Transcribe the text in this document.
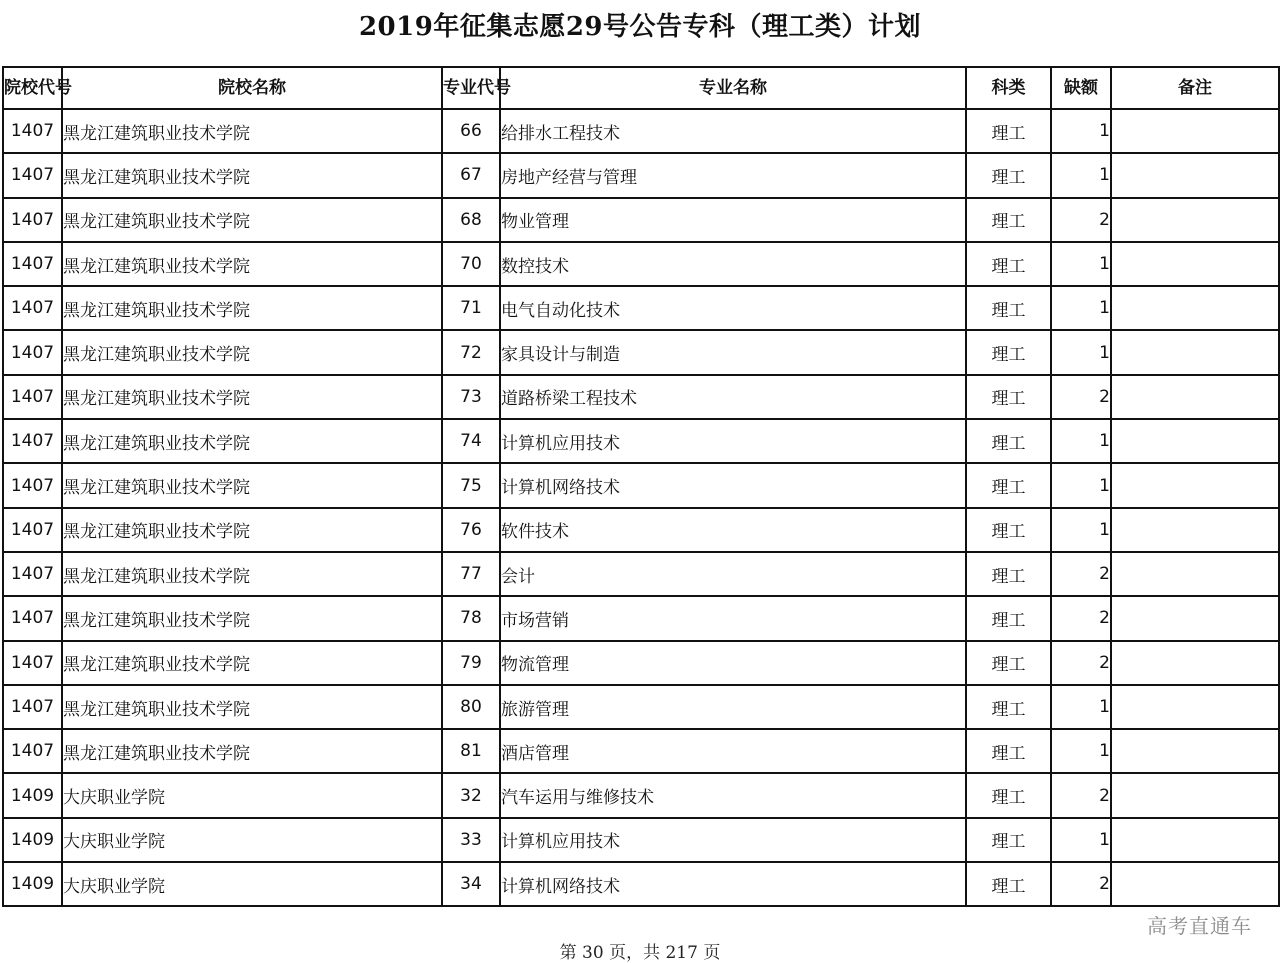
2019年征集志愿29号公告专科（理工类）计划
院校代号	院校名称	专业代号	专业名称	科类	缺额	备注
1407	黑龙江建筑职业技术学院	66	给排水工程技术	理工	1	
1407	黑龙江建筑职业技术学院	67	房地产经营与管理	理工	1	
1407	黑龙江建筑职业技术学院	68	物业管理	理工	2	
1407	黑龙江建筑职业技术学院	70	数控技术	理工	1	
1407	黑龙江建筑职业技术学院	71	电气自动化技术	理工	1	
1407	黑龙江建筑职业技术学院	72	家具设计与制造	理工	1	
1407	黑龙江建筑职业技术学院	73	道路桥梁工程技术	理工	2	
1407	黑龙江建筑职业技术学院	74	计算机应用技术	理工	1	
1407	黑龙江建筑职业技术学院	75	计算机网络技术	理工	1	
1407	黑龙江建筑职业技术学院	76	软件技术	理工	1	
1407	黑龙江建筑职业技术学院	77	会计	理工	2	
1407	黑龙江建筑职业技术学院	78	市场营销	理工	2	
1407	黑龙江建筑职业技术学院	79	物流管理	理工	2	
1407	黑龙江建筑职业技术学院	80	旅游管理	理工	1	
1407	黑龙江建筑职业技术学院	81	酒店管理	理工	1	
1409	大庆职业学院	32	汽车运用与维修技术	理工	2	
1409	大庆职业学院	33	计算机应用技术	理工	1	
1409	大庆职业学院	34	计算机网络技术	理工	2	
高考直通车
第 30 页，共 217 页
